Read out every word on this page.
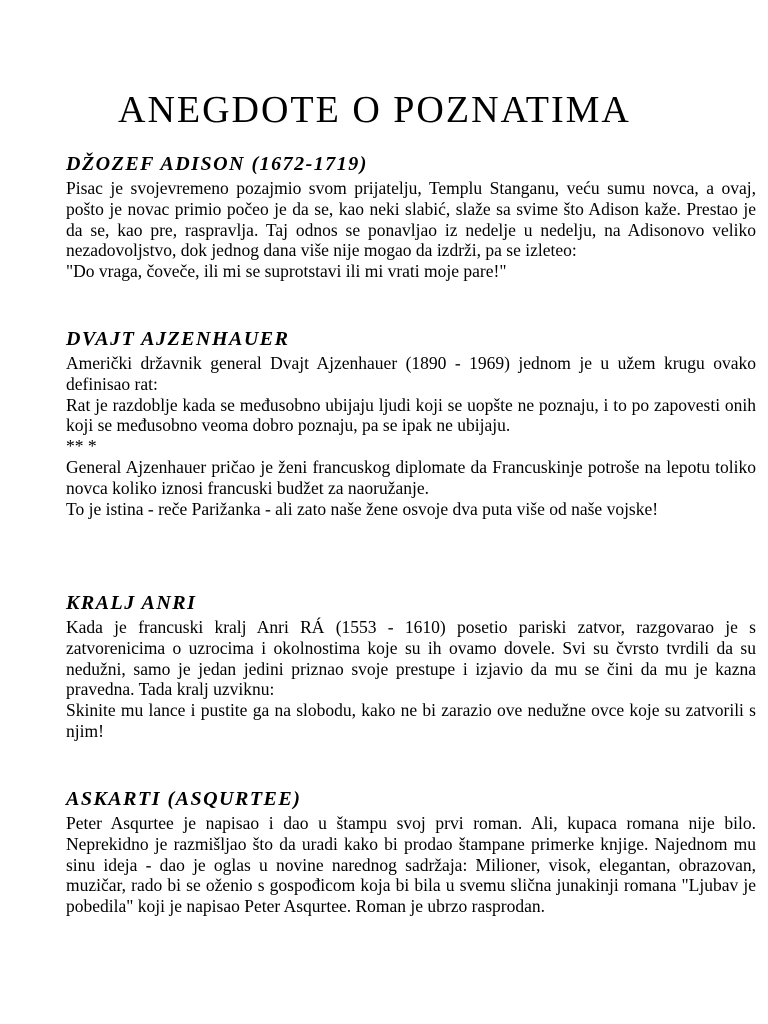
ANEGDOTE O POZNATIMA
DŽOZEF ADISON (1672-1719)

Pisac je svojevremeno pozajmio svom prijatelju, Templu Stanganu, veću sumu novca, a ovaj, pošto je novac primio počeo je da se, kao neki slabić, slaže sa svime što Adison kaže. Prestao je da se, kao pre, raspravlja. Taj odnos se ponavljao iz nedelje u nedelju, na Adisonovo veliko nezadovoljstvo, dok jednog dana više nije mogao da izdrži, pa se izleteo:

"Do vraga, čoveče, ili mi se suprotstavi ili mi vrati moje pare!"

DVAJT AJZENHAUER

Američki državnik general Dvajt Ajzenhauer (1890 - 1969) jednom je u užem krugu ovako definisao rat:

Rat je razdoblje kada se međusobno ubijaju ljudi koji se uopšte ne poznaju, i to po zapovesti onih koji se međusobno veoma dobro poznaju, pa se ipak ne ubijaju.

** *

General Ajzenhauer pričao je ženi francuskog diplomate da Francuskinje potroše na lepotu toliko novca koliko iznosi francuski budžet za naoružanje.

To je istina - reče Parižanka - ali zato naše žene osvoje dva puta više od naše vojske!

KRALJ ANRI

Kada je francuski kralj Anri RÁ (1553 - 1610) posetio pariski zatvor, razgovarao je s zatvorenicima o uzrocima i okolnostima koje su ih ovamo dovele. Svi su čvrsto tvrdili da su nedužni, samo je jedan jedini priznao svoje prestupe i izjavio da mu se čini da mu je kazna pravedna. Tada kralj uzviknu:

Skinite mu lance i pustite ga na slobodu, kako ne bi zarazio ove nedužne ovce koje su zatvorili s njim!

ASKARTI (ASQURTEE)

Peter Asqurtee je napisao i dao u štampu svoj prvi roman. Ali, kupaca romana nije bilo. Neprekidno je razmišljao što da uradi kako bi prodao štampane primerke knjige. Najednom mu sinu ideja - dao je oglas u novine narednog sadržaja: Milioner, visok, elegantan, obrazovan, muzičar, rado bi se oženio s gospođicom koja bi bila u svemu slična junakinji romana "Ljubav je pobedila" koji je napisao Peter Asqurtee. Roman je ubrzo rasprodan.
